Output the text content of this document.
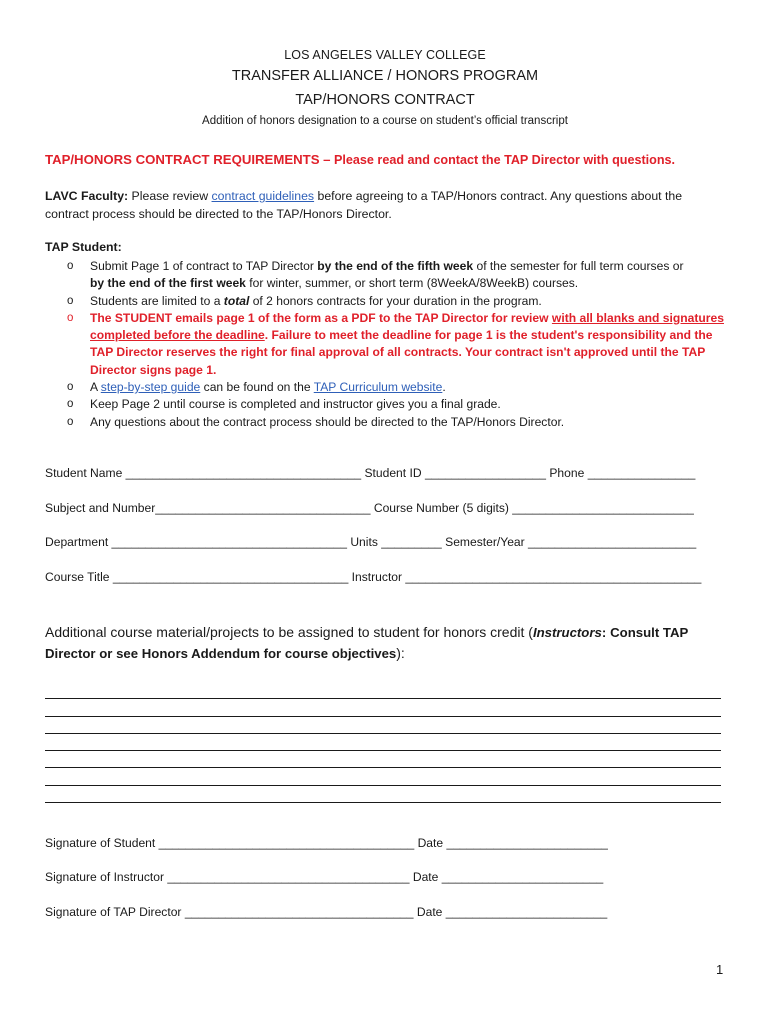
LOS ANGELES VALLEY COLLEGE
TRANSFER ALLIANCE / HONORS PROGRAM
TAP/HONORS CONTRACT
Addition of honors designation to a course on student’s official transcript
TAP/HONORS CONTRACT REQUIREMENTS – Please read and contact the TAP Director with questions.
LAVC Faculty: Please review contract guidelines before agreeing to a TAP/Honors contract. Any questions about the
contract process should be directed to the TAP/Honors Director.
TAP Student:
o Submit Page 1 of contract to TAP Director by the end of the fifth week of the semester for full term courses or
by the end of the first week for winter, summer, or short term (8WeekA/8WeekB) courses.
o Students are limited to a total of 2 honors contracts for your duration in the program.
o The STUDENT emails page 1 of the form as a PDF to the TAP Director for review with all blanks and signatures
completed before the deadline. Failure to meet the deadline for page 1 is the student's responsibility and the
TAP Director reserves the right for final approval of all contracts. Your contract isn't approved until the TAP
Director signs page 1.
o A step-by-step guide can be found on the TAP Curriculum website.
o Keep Page 2 until course is completed and instructor gives you a final grade.
o Any questions about the contract process should be directed to the TAP/Honors Director.
Student Name ___________________________________ Student ID __________________ Phone ________________
Subject and Number________________________________ Course Number (5 digits) ___________________________
Department ___________________________________ Units _________ Semester/Year _________________________
Course Title ___________________________________ Instructor ____________________________________________
Additional course material/projects to be assigned to student for honors credit (Instructors: Consult TAP Director or see Honors Addendum for course objectives):
Signature of Student ______________________________________ Date ________________________
Signature of Instructor ____________________________________ Date ________________________
Signature of TAP Director __________________________________ Date ________________________
1
